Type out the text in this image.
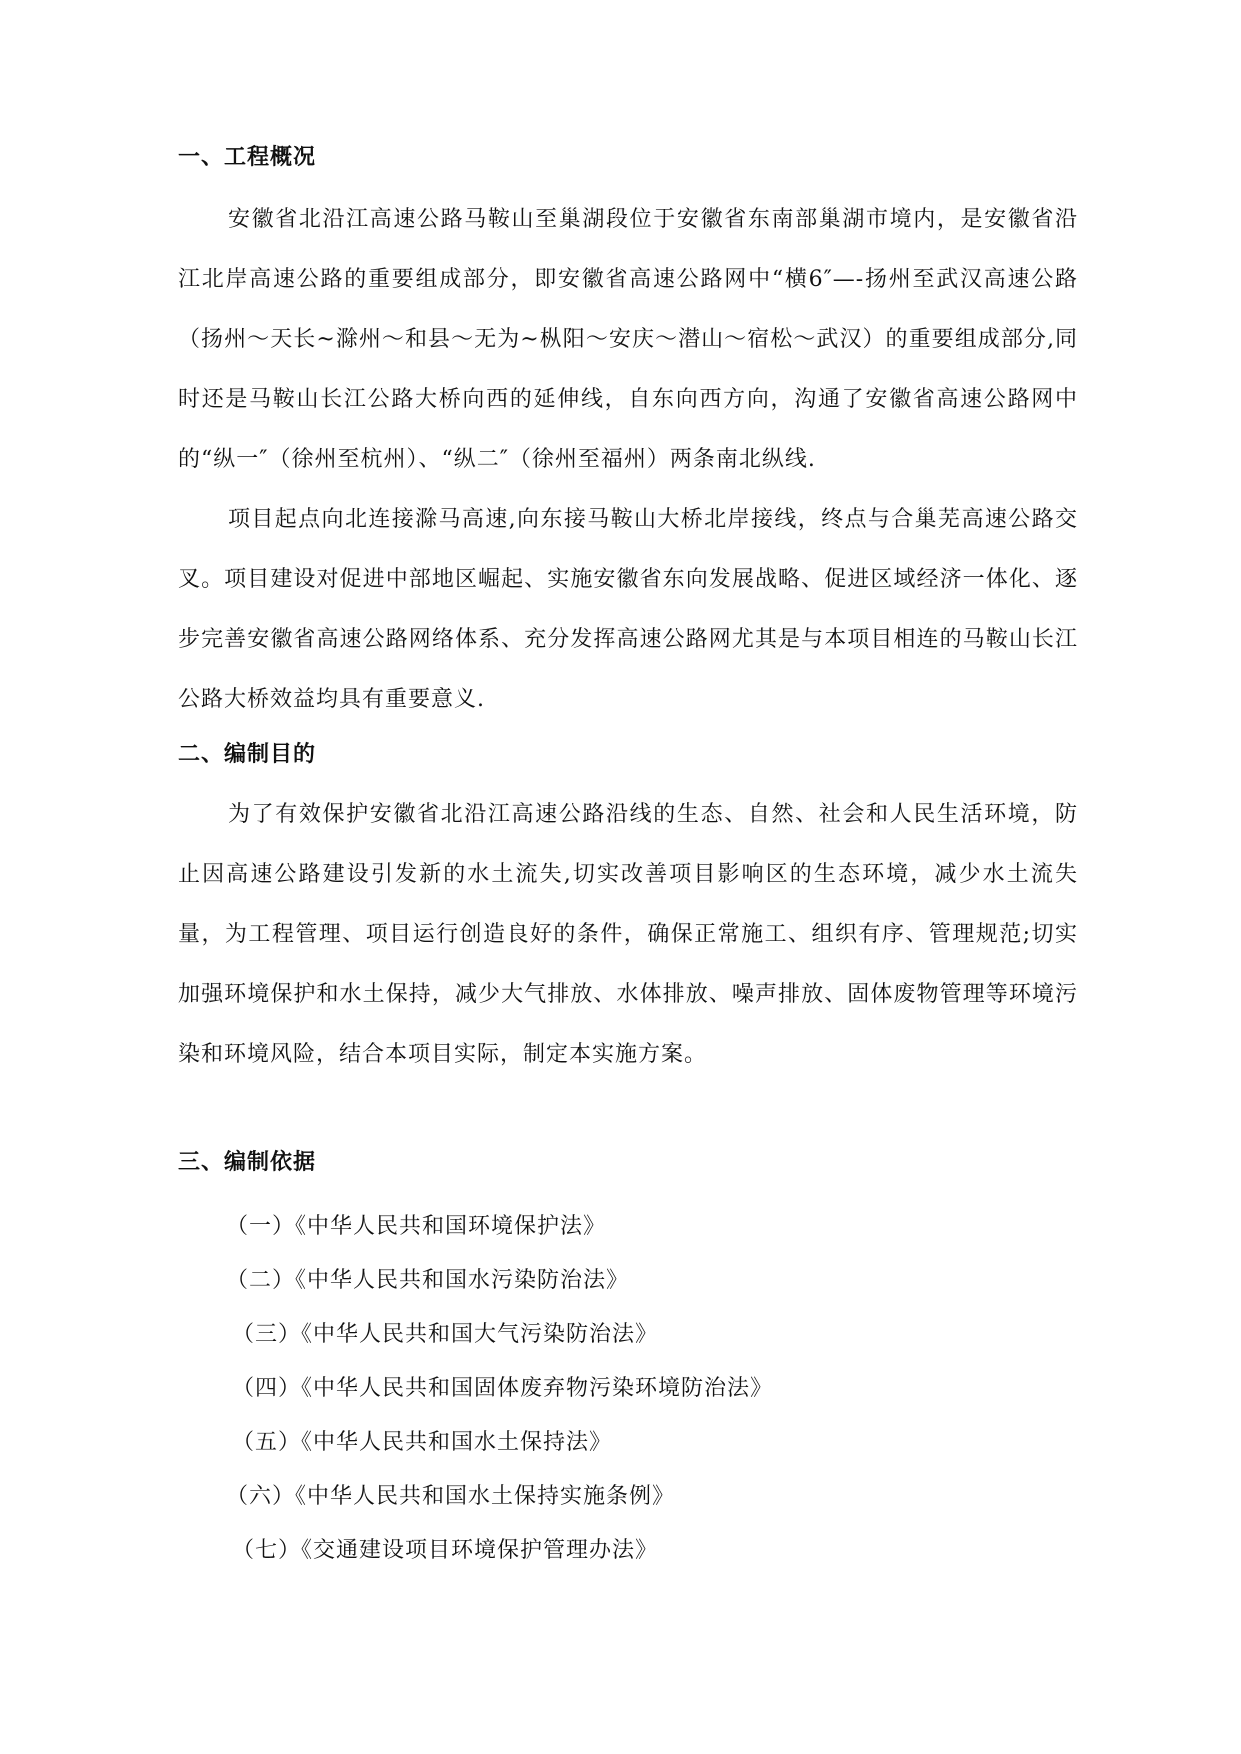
一、工程概况

安徽省北沿江高速公路马鞍山至巢湖段位于安徽省东南部巢湖市境内，是安徽省沿江北岸高速公路的重要组成部分，即安徽省高速公路网中“横6″—-扬州至武汉高速公路（扬州～天长~滁州～和县～无为~枞阳～安庆～潜山～宿松～武汉）的重要组成部分,同时还是马鞍山长江公路大桥向西的延伸线，自东向西方向，沟通了安徽省高速公路网中的“纵一″（徐州至杭州）、“纵二″（徐州至福州）两条南北纵线.

项目起点向北连接滁马高速,向东接马鞍山大桥北岸接线，终点与合巢芜高速公路交叉。项目建设对促进中部地区崛起、实施安徽省东向发展战略、促进区域经济一体化、逐步完善安徽省高速公路网络体系、充分发挥高速公路网尤其是与本项目相连的马鞍山长江公路大桥效益均具有重要意义.

二、编制目的

为了有效保护安徽省北沿江高速公路沿线的生态、自然、社会和人民生活环境，防止因高速公路建设引发新的水土流失,切实改善项目影响区的生态环境，减少水土流失量，为工程管理、项目运行创造良好的条件，确保正常施工、组织有序、管理规范;切实加强环境保护和水土保持，减少大气排放、水体排放、噪声排放、固体废物管理等环境污染和环境风险，结合本项目实际，制定本实施方案。

三、编制依据
（一）《中华人民共和国环境保护法》
（二）《中华人民共和国水污染防治法》
（三）《中华人民共和国大气污染防治法》
（四）《中华人民共和国固体废弃物污染环境防治法》
（五）《中华人民共和国水土保持法》
（六）《中华人民共和国水土保持实施条例》
（七）《交通建设项目环境保护管理办法》
